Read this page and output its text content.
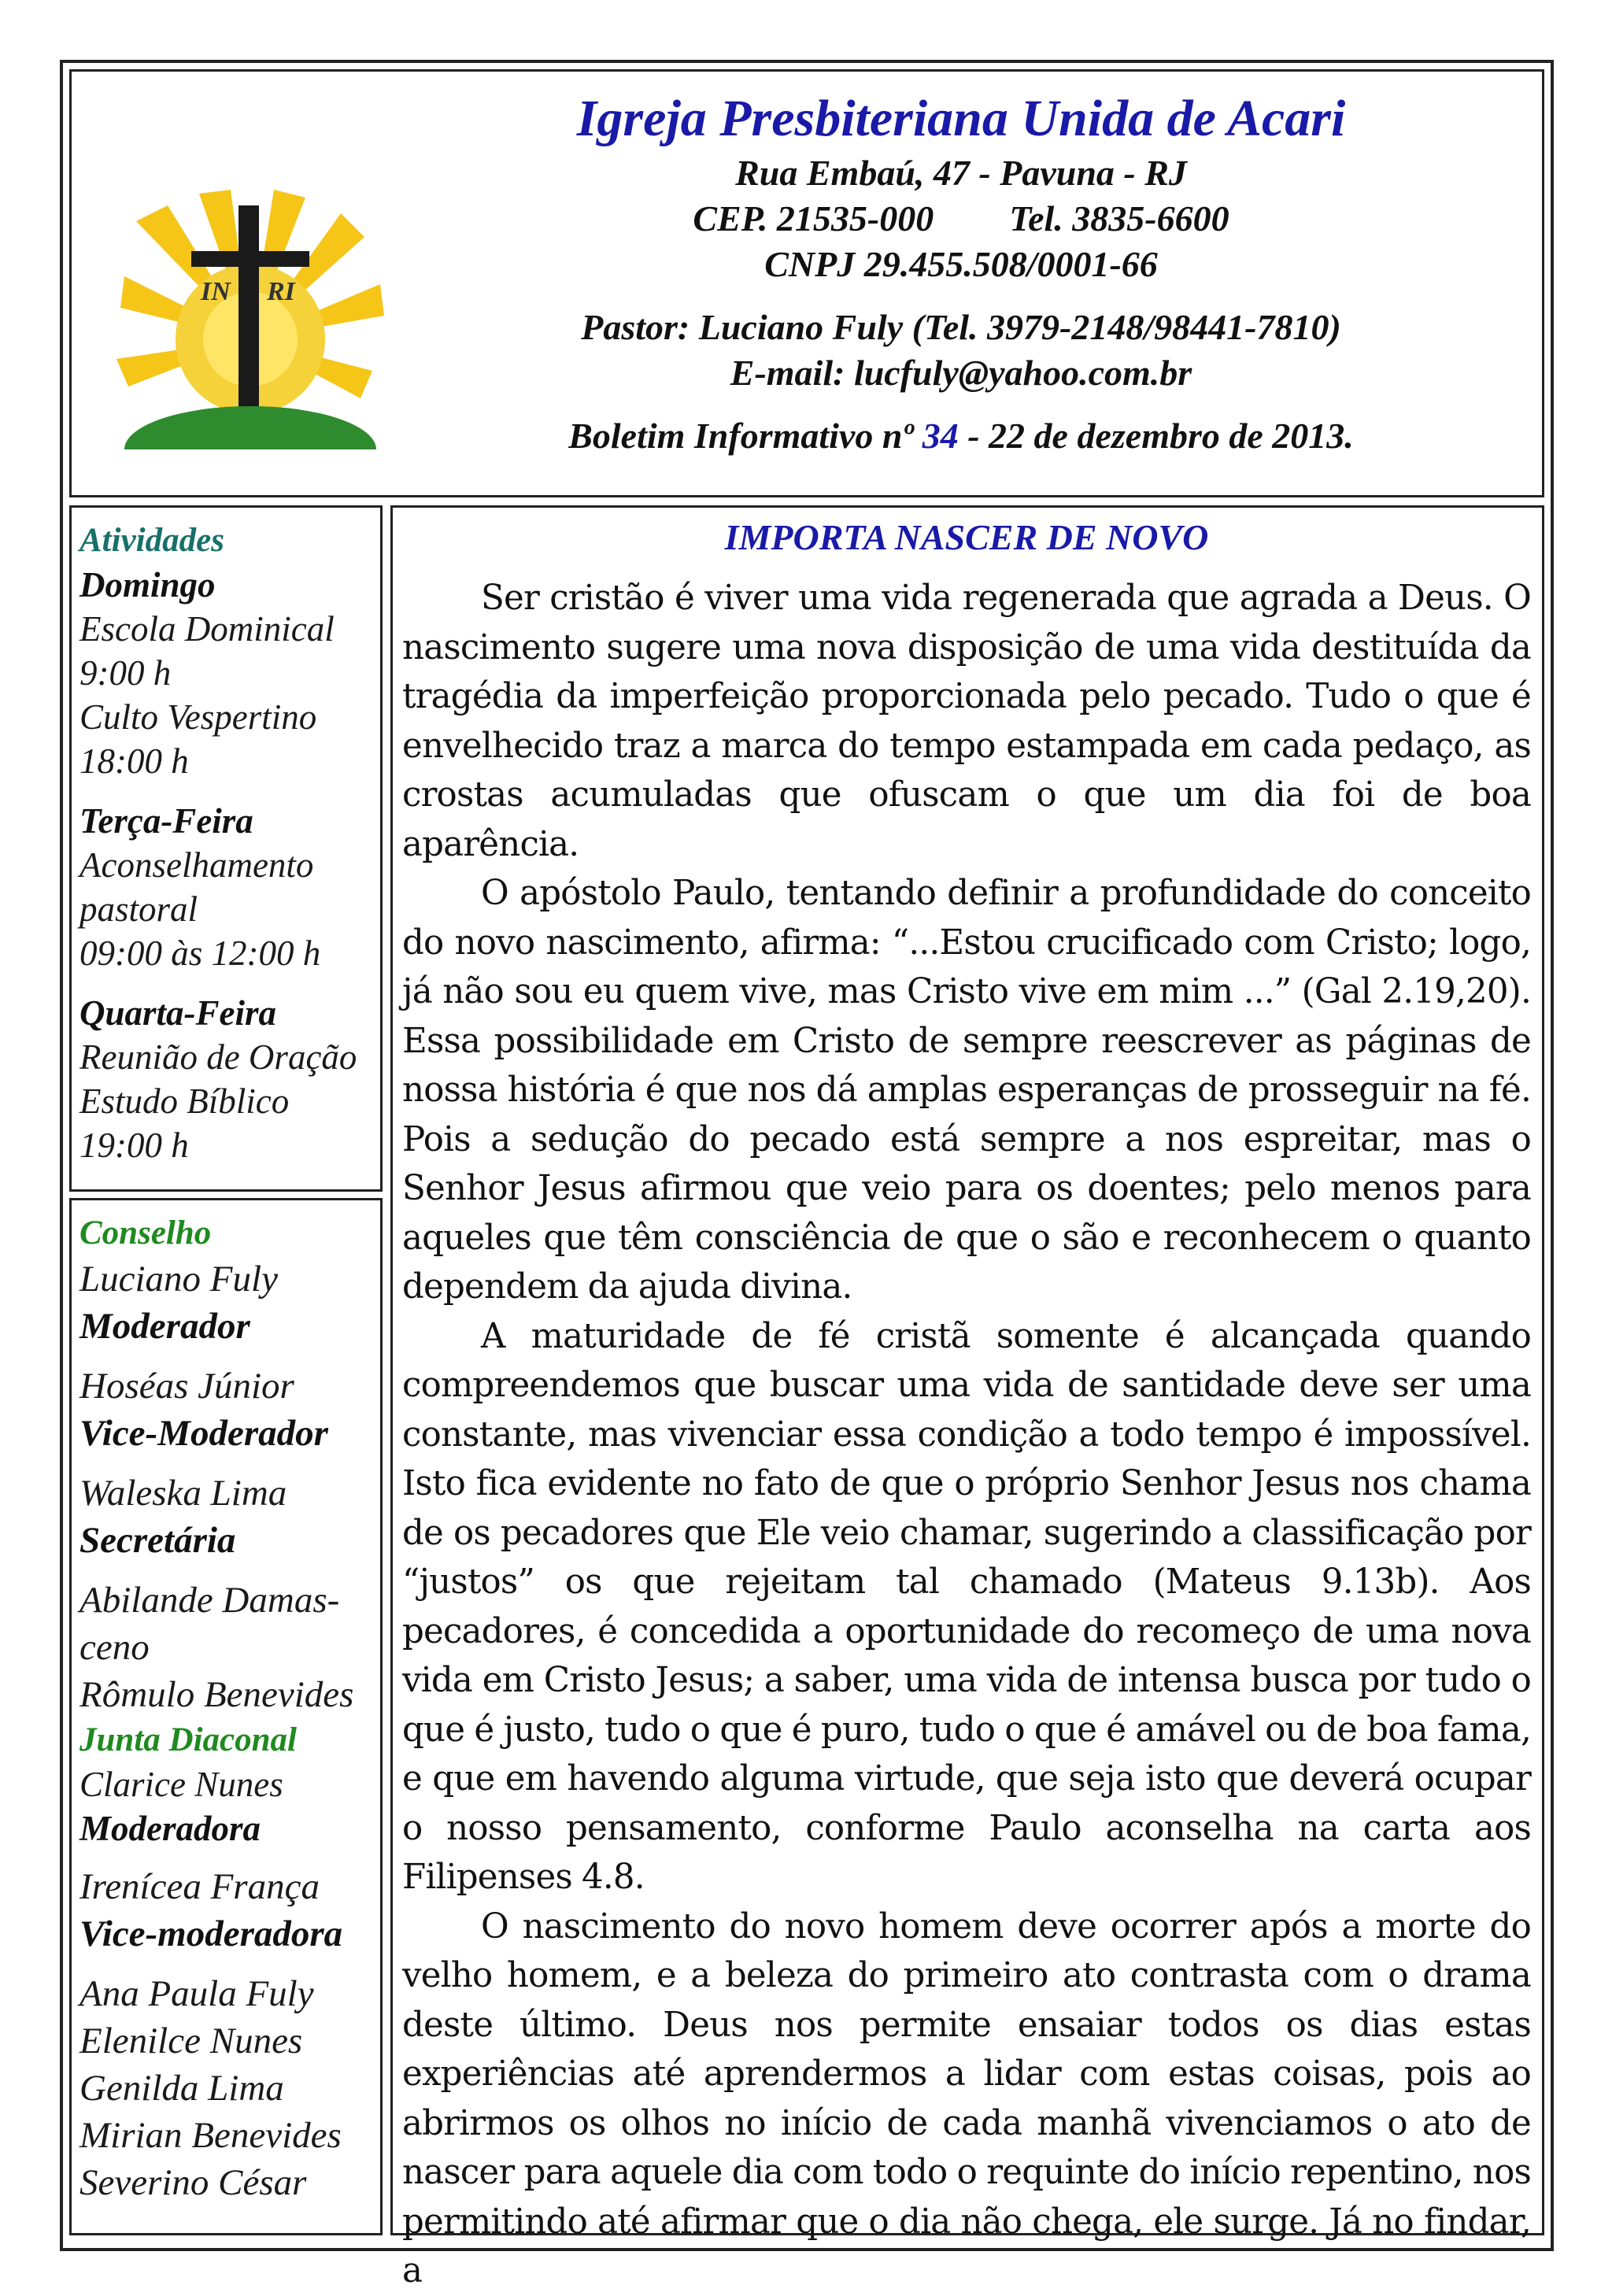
IN RI
Igreja Presbiteriana Unida de Acari
Rua Embaú, 47 - Pavuna - RJ
CEP. 21535-000 Tel. 3835-6600
CNPJ 29.455.508/0001-66
Pastor: Luciano Fuly (Tel. 3979-2148/98441-7810)
E-mail: lucfuly@yahoo.com.br
Boletim Informativo nº 34 - 22 de dezembro de 2013.
Atividades
Domingo
Escola Dominical
9:00 h
Culto Vespertino
18:00 h
Terça-Feira
Aconselhamento
pastoral
09:00 às 12:00 h
Quarta-Feira
Reunião de Oração
Estudo Bíblico
19:00 h
Conselho
Luciano Fuly
Moderador
Hoséas Júnior
Vice-Moderador
Waleska Lima
Secretária
Abilande Damas-
ceno
Rômulo Benevides
Junta Diaconal
Clarice Nunes
Moderadora
Irenícea França
Vice-moderadora
Ana Paula Fuly
Elenilce Nunes
Genilda Lima
Mirian Benevides
Severino César
IMPORTA NASCER DE NOVO

Ser cristão é viver uma vida regenerada que agrada a Deus. O nascimento sugere uma nova disposição de uma vida destituída da tragédia da imperfeição proporcionada pelo pecado. Tudo o que é envelhecido traz a marca do tempo estampada em cada pedaço, as crostas acumuladas que ofuscam o que um dia foi de boa aparência.

O apóstolo Paulo, tentando definir a profundidade do conceito do novo nascimento, afirma: “...Estou crucificado com Cristo; logo, já não sou eu quem vive, mas Cristo vive em mim ...” (Gal 2.19,20). Essa possibilidade em Cristo de sempre reescrever as páginas de nossa história é que nos dá amplas esperanças de prosseguir na fé. Pois a sedução do pecado está sempre a nos espreitar, mas o Senhor Jesus afirmou que veio para os doentes; pelo menos para aqueles que têm consciência de que o são e reconhecem o quanto dependem da ajuda divina.

A maturidade de fé cristã somente é alcançada quando compreendemos que buscar uma vida de santidade deve ser uma constante, mas vivenciar essa condição a todo tempo é impossível. Isto fica evidente no fato de que o próprio Senhor Jesus nos chama de os pecadores que Ele veio chamar, sugerindo a classificação por “justos” os que rejeitam tal chamado (Mateus 9.13b). Aos pecadores, é concedida a oportunidade do recomeço de uma nova vida em Cristo Jesus; a saber, uma vida de intensa busca por tudo o que é justo, tudo o que é puro, tudo o que é amável ou de boa fama, e que em havendo alguma virtude, que seja isto que deverá ocupar o nosso pensamento, conforme Paulo aconselha na carta aos Filipenses 4.8.

O nascimento do novo homem deve ocorrer após a morte do velho homem, e a beleza do primeiro ato contrasta com o drama deste último. Deus nos permite ensaiar todos os dias estas experiências até aprendermos a lidar com estas coisas, pois ao abrirmos os olhos no início de cada manhã vivenciamos o ato de nascer para aquele dia com todo o requinte do início repentino, nos permitindo até afirmar que o dia não chega, ele surge. Já no findar, a
